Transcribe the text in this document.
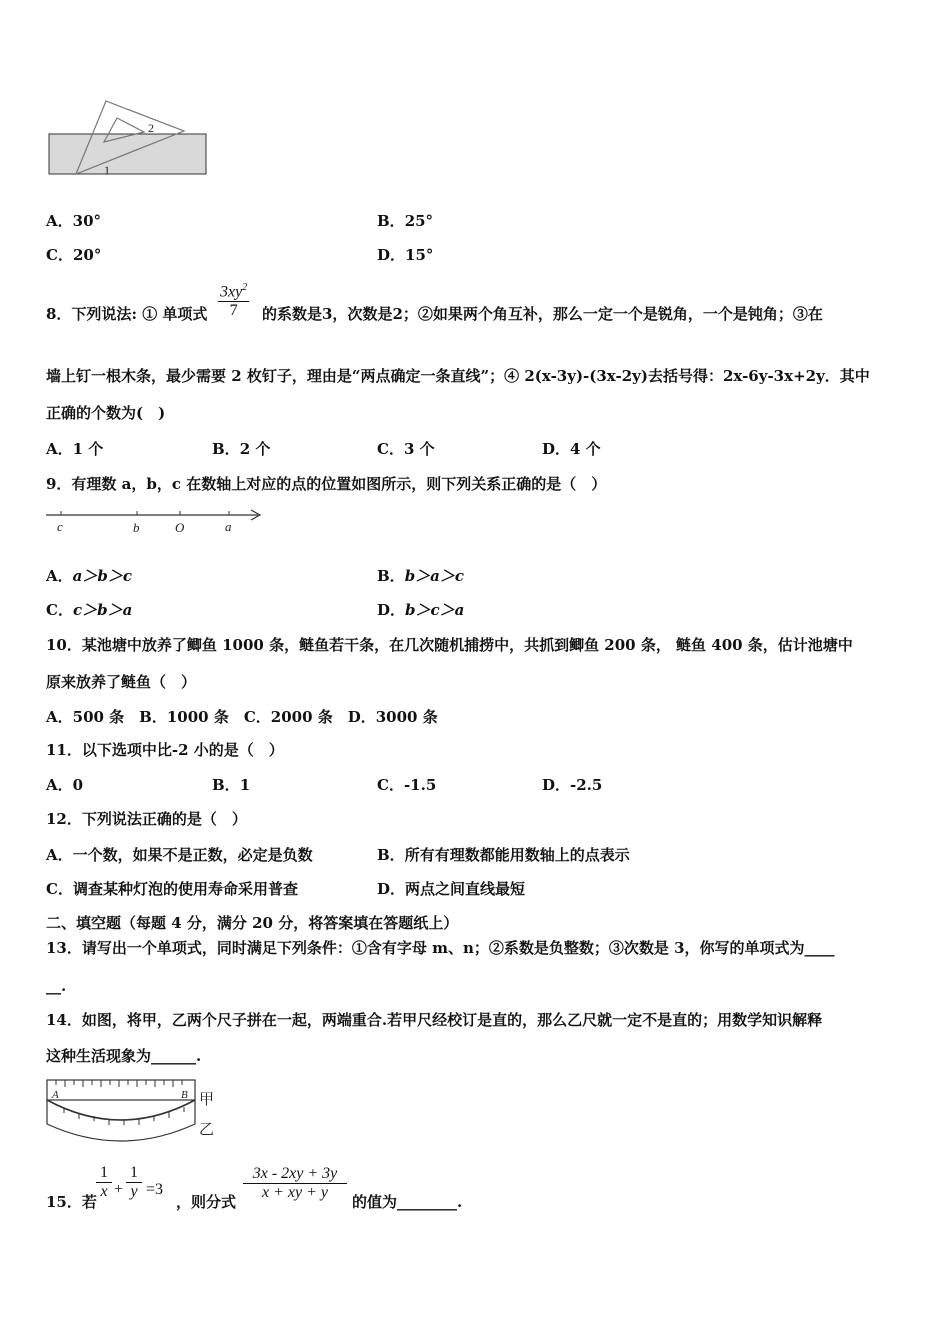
2
1
A．30°	B．25°
C．20°	D．15°
8．下列说法: ① 单项式
$3xy^2$
7	的系数是3，次数是2；②如果两个角互补，那么一定一个是锐角，一个是钝角；③在
墙上钉一根木条，最少需要 2 枚钉子，理由是“两点确定一条直线”；④ 2(x-3y)-(3x-2y)去括号得：2x-6y-3x+2y．其中
正确的个数为(　)
A．1 个	B．2 个	C．3 个	D．4 个
9．有理数 a，b，c 在数轴上对应的点的位置如图所示，则下列关系正确的是（　）
c	b	O	a
A．a＞b＞c	B．b＞a＞c
C．c＞b＞a	D．b＞c＞a
10．某池塘中放养了鲫鱼 1000 条，鲢鱼若干条，在几次随机捕捞中，共抓到鲫鱼 200 条， 鲢鱼 400 条，估计池塘中
原来放养了鲢鱼（　）
A．500 条　B．1000 条　C．2000 条　D．3000 条
11．以下选项中比-2 小的是（　）
A．0	B．1	C．-1.5	D．-2.5
12．下列说法正确的是（　）
A．一个数，如果不是正数，必定是负数	B．所有有理数都能用数轴上的点表示
C．调查某种灯泡的使用寿命采用普查	D．两点之间直线最短
二、填空题（每题 4 分，满分 20 分，将答案填在答题纸上）
13．请写出一个单项式，同时满足下列条件：①含有字母 m、n；②系数是负整数；③次数是 3，你写的单项式为____
__.
14．如图，将甲，乙两个尺子拼在一起，两端重合.若甲尺经校订是直的，那么乙尺就一定不是直的；用数学知识解释
这种生活现象为______.
A	B 甲
乙
15．若
1
x +
1
y =3
，则分式
3x - 2xy + 3y
x + xy + y
的值为________.
